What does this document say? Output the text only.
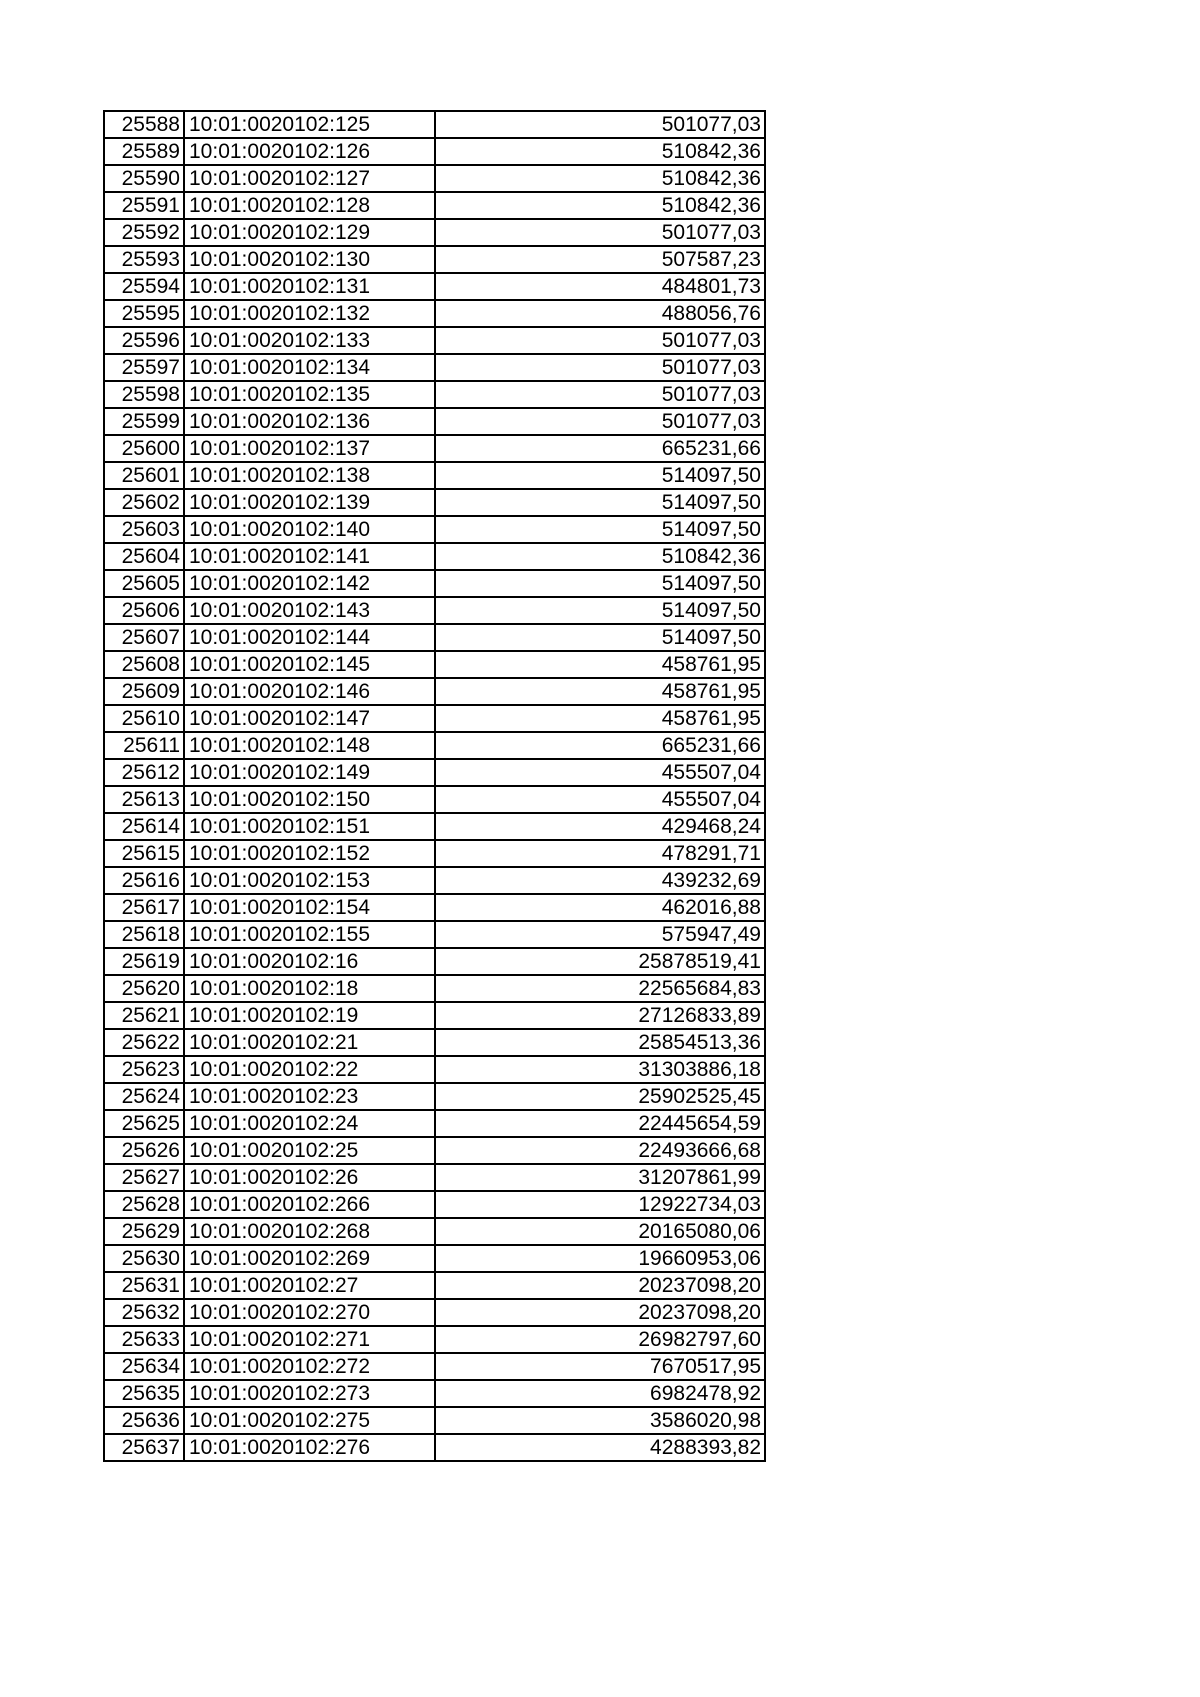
25588	10:01:0020102:125	501077,03
25589	10:01:0020102:126	510842,36
25590	10:01:0020102:127	510842,36
25591	10:01:0020102:128	510842,36
25592	10:01:0020102:129	501077,03
25593	10:01:0020102:130	507587,23
25594	10:01:0020102:131	484801,73
25595	10:01:0020102:132	488056,76
25596	10:01:0020102:133	501077,03
25597	10:01:0020102:134	501077,03
25598	10:01:0020102:135	501077,03
25599	10:01:0020102:136	501077,03
25600	10:01:0020102:137	665231,66
25601	10:01:0020102:138	514097,50
25602	10:01:0020102:139	514097,50
25603	10:01:0020102:140	514097,50
25604	10:01:0020102:141	510842,36
25605	10:01:0020102:142	514097,50
25606	10:01:0020102:143	514097,50
25607	10:01:0020102:144	514097,50
25608	10:01:0020102:145	458761,95
25609	10:01:0020102:146	458761,95
25610	10:01:0020102:147	458761,95
25611	10:01:0020102:148	665231,66
25612	10:01:0020102:149	455507,04
25613	10:01:0020102:150	455507,04
25614	10:01:0020102:151	429468,24
25615	10:01:0020102:152	478291,71
25616	10:01:0020102:153	439232,69
25617	10:01:0020102:154	462016,88
25618	10:01:0020102:155	575947,49
25619	10:01:0020102:16	25878519,41
25620	10:01:0020102:18	22565684,83
25621	10:01:0020102:19	27126833,89
25622	10:01:0020102:21	25854513,36
25623	10:01:0020102:22	31303886,18
25624	10:01:0020102:23	25902525,45
25625	10:01:0020102:24	22445654,59
25626	10:01:0020102:25	22493666,68
25627	10:01:0020102:26	31207861,99
25628	10:01:0020102:266	12922734,03
25629	10:01:0020102:268	20165080,06
25630	10:01:0020102:269	19660953,06
25631	10:01:0020102:27	20237098,20
25632	10:01:0020102:270	20237098,20
25633	10:01:0020102:271	26982797,60
25634	10:01:0020102:272	7670517,95
25635	10:01:0020102:273	6982478,92
25636	10:01:0020102:275	3586020,98
25637	10:01:0020102:276	4288393,82
